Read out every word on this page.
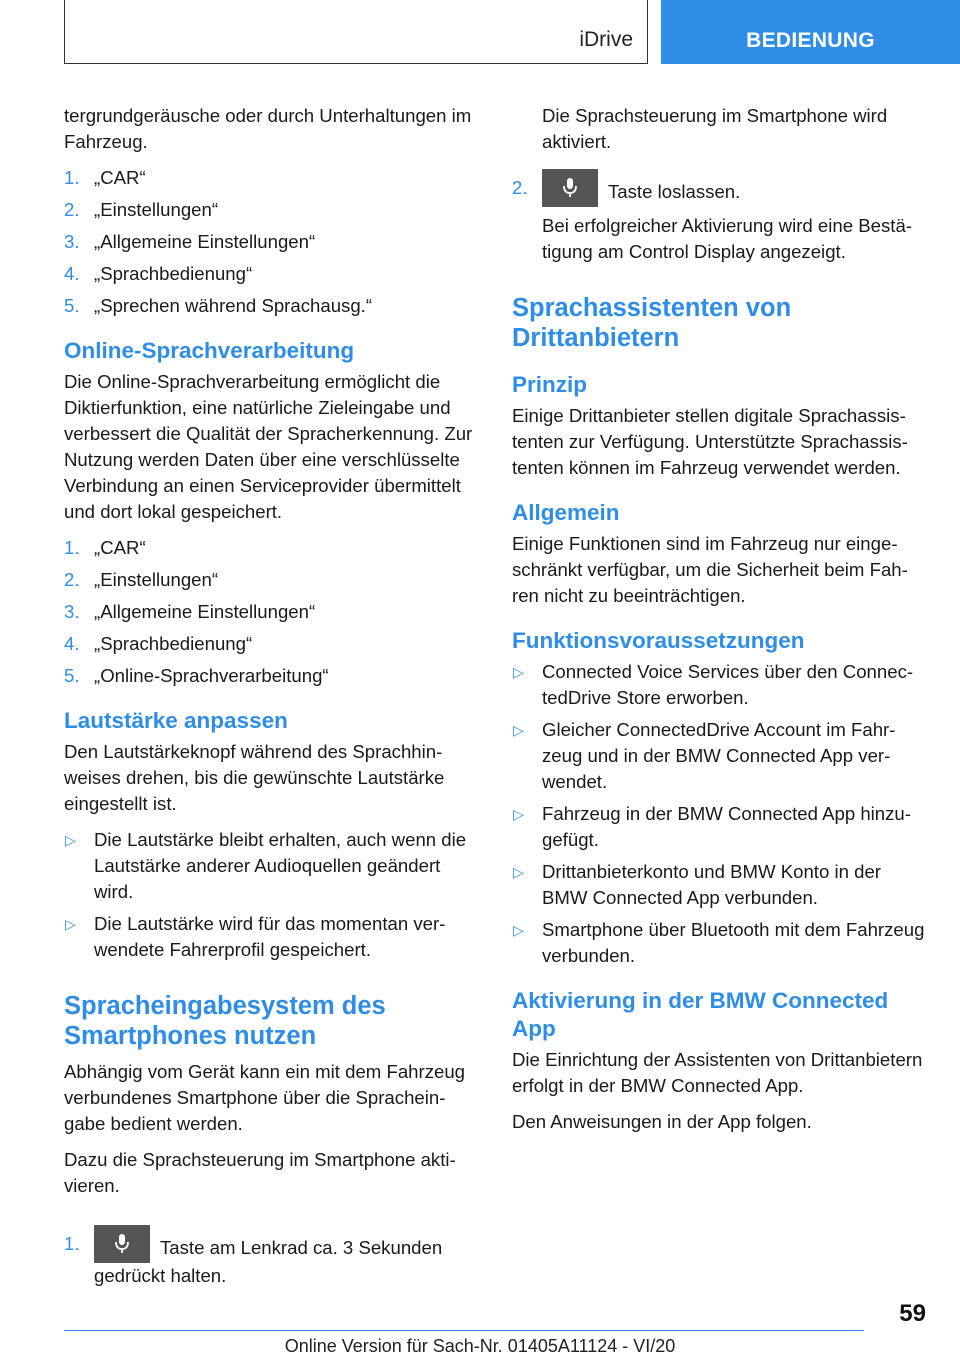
iDrive	BEDIENUNG

tergrundgeräusche oder durch Unterhaltungen im Fahrzeug.

1. „CAR“
2. „Einstellungen“
3. „Allgemeine Einstellungen“
4. „Sprachbedienung“
5. „Sprechen während Sprachausg.“
Online-Sprachverarbeitung

Die Online-Sprachverarbeitung ermöglicht die Diktierfunktion, eine natürliche Zieleingabe und verbessert die Qualität der Spracherkennung. Zur Nutzung werden Daten über eine verschlüsselte Verbindung an einen Serviceprovider übermittelt und dort lokal gespeichert.

1. „CAR“
2. „Einstellungen“
3. „Allgemeine Einstellungen“
4. „Sprachbedienung“
5. „Online-Sprachverarbeitung“
Lautstärke anpassen

Den Lautstärkeknopf während des Sprachhinweises drehen, bis die gewünschte Lautstärke eingestellt ist.

▷ Die Lautstärke bleibt erhalten, auch wenn die Lautstärke anderer Audioquellen geändert wird.
▷ Die Lautstärke wird für das momentan verwendete Fahrerprofil gespeichert.
Spracheingabesystem des Smartphones nutzen

Abhängig vom Gerät kann ein mit dem Fahrzeug verbundenes Smartphone über die Spracheingabe bedient werden.

Dazu die Sprachsteuerung im Smartphone aktivieren.

1.	Taste am Lenkrad ca. 3 Sekunden gedrückt halten.

Die Sprachsteuerung im Smartphone wird aktiviert.

2.	Taste loslassen.

Bei erfolgreicher Aktivierung wird eine Bestätigung am Control Display angezeigt.

Sprachassistenten von Drittanbietern
Prinzip

Einige Drittanbieter stellen digitale Sprachassistenten zur Verfügung. Unterstützte Sprachassistenten können im Fahrzeug verwendet werden.

Allgemein

Einige Funktionen sind im Fahrzeug nur eingeschränkt verfügbar, um die Sicherheit beim Fahren nicht zu beeinträchtigen.

Funktionsvoraussetzungen
▷ Connected Voice Services über den ConnectedDrive Store erworben.
▷ Gleicher ConnectedDrive Account im Fahrzeug und in der BMW Connected App verwendet.
▷ Fahrzeug in der BMW Connected App hinzugefügt.
▷ Drittanbieterkonto und BMW Konto in der BMW Connected App verbunden.
▷ Smartphone über Bluetooth mit dem Fahrzeug verbunden.
Aktivierung in der BMW Connected App

Die Einrichtung der Assistenten von Drittanbietern erfolgt in der BMW Connected App.

Den Anweisungen in der App folgen.

59
Online Version für Sach-Nr. 01405A11124 - VI/20
